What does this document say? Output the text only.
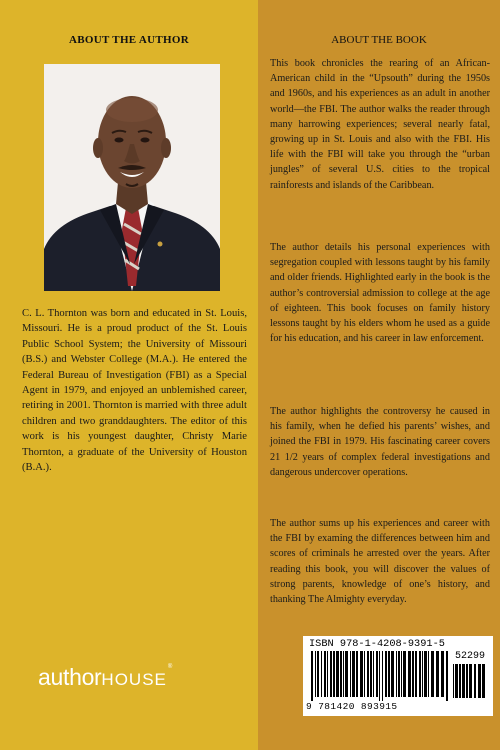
ABOUT THE AUTHOR

C. L. Thornton was born and educated in St. Louis, Missouri. He is a proud product of the St. Louis Public School System; the University of Missouri (B.S.) and Webster College (M.A.). He entered the Federal Bureau of Investigation (FBI) as a Special Agent in 1979, and enjoyed an unblemished career, retiring in 2001. Thornton is married with three adult children and two granddaughters. The editor of this work is his youngest daughter, Christy Marie Thornton, a graduate of the University of Houston (B.A.).

authorHOUSE®
ABOUT THE BOOK

This book chronicles the rearing of an African-American child in the “Upsouth” during the 1950s and 1960s, and his experiences as an adult in another world—the FBI. The author walks the reader through many harrowing experiences; several nearly fatal, growing up in St. Louis and also with the FBI. His life with the FBI will take you through the “urban jungles” of several U.S. cities to the tropical rainforests and islands of the Caribbean.

The author details his personal experiences with segregation coupled with lessons taught by his family and older friends. Highlighted early in the book is the author’s controversial admission to college at the age of eighteen. This book focuses on family history lessons taught by his elders whom he used as a guide for his education, and his career in law enforcement.

The author highlights the controversy he caused in his family, when he defied his parents’ wishes, and joined the FBI in 1979. His fascinating career covers 21 1/2 years of complex federal investigations and dangerous undercover operations.

The author sums up his experiences and career with the FBI by examing the differences between him and scores of criminals he arrested over the years. After reading this book, you will discover the values of strong parents, knowledge of one’s history, and thanking The Almighty everyday.

ISBN 978-1-4208-9391-5
52299
9 781420 893915
